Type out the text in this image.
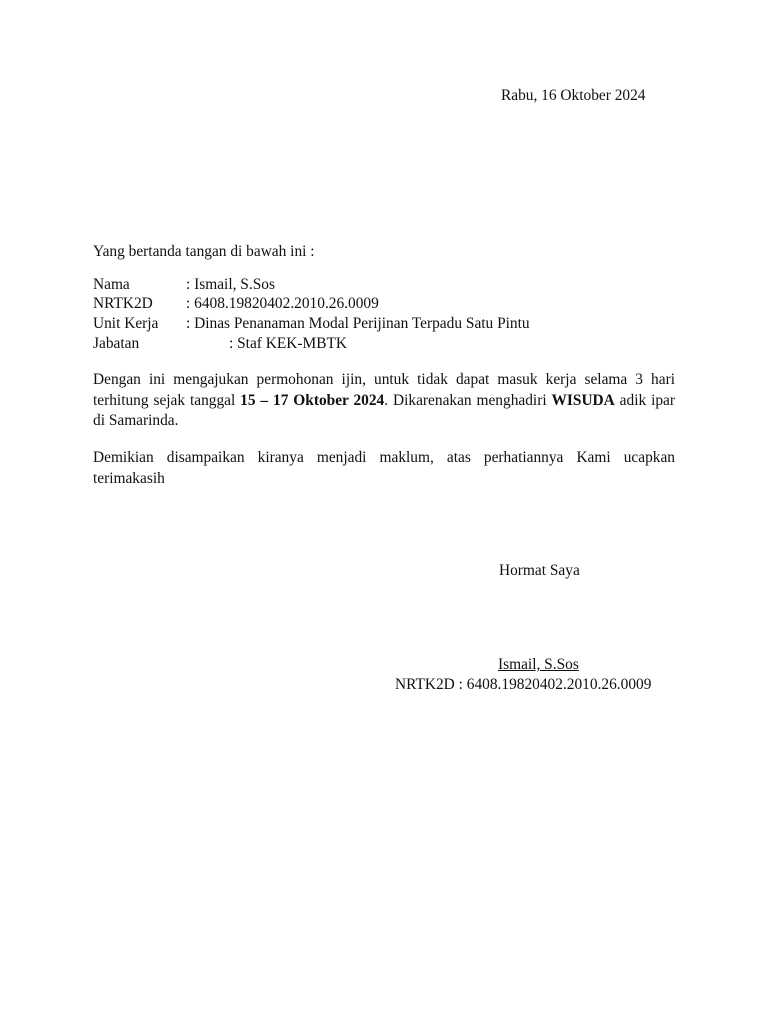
Rabu, 16 Oktober 2024
Yang bertanda tangan di bawah ini :
Nama	: Ismail, S.Sos
NRTK2D : 6408.19820402.2010.26.0009
Unit Kerja : Dinas Penanaman Modal Perijinan Terpadu Satu Pintu
Jabatan	: Staf KEK-MBTK
Dengan ini mengajukan permohonan ijin, untuk tidak dapat masuk kerja selama 3 hari
terhitung sejak tanggal 15 – 17 Oktober 2024. Dikarenakan menghadiri WISUDA adik ipar
di Samarinda.
Demikian disampaikan kiranya menjadi maklum, atas perhatiannya Kami ucapkan
terimakasih
Hormat Saya
Ismail, S.Sos
NRTK2D : 6408.19820402.2010.26.0009
